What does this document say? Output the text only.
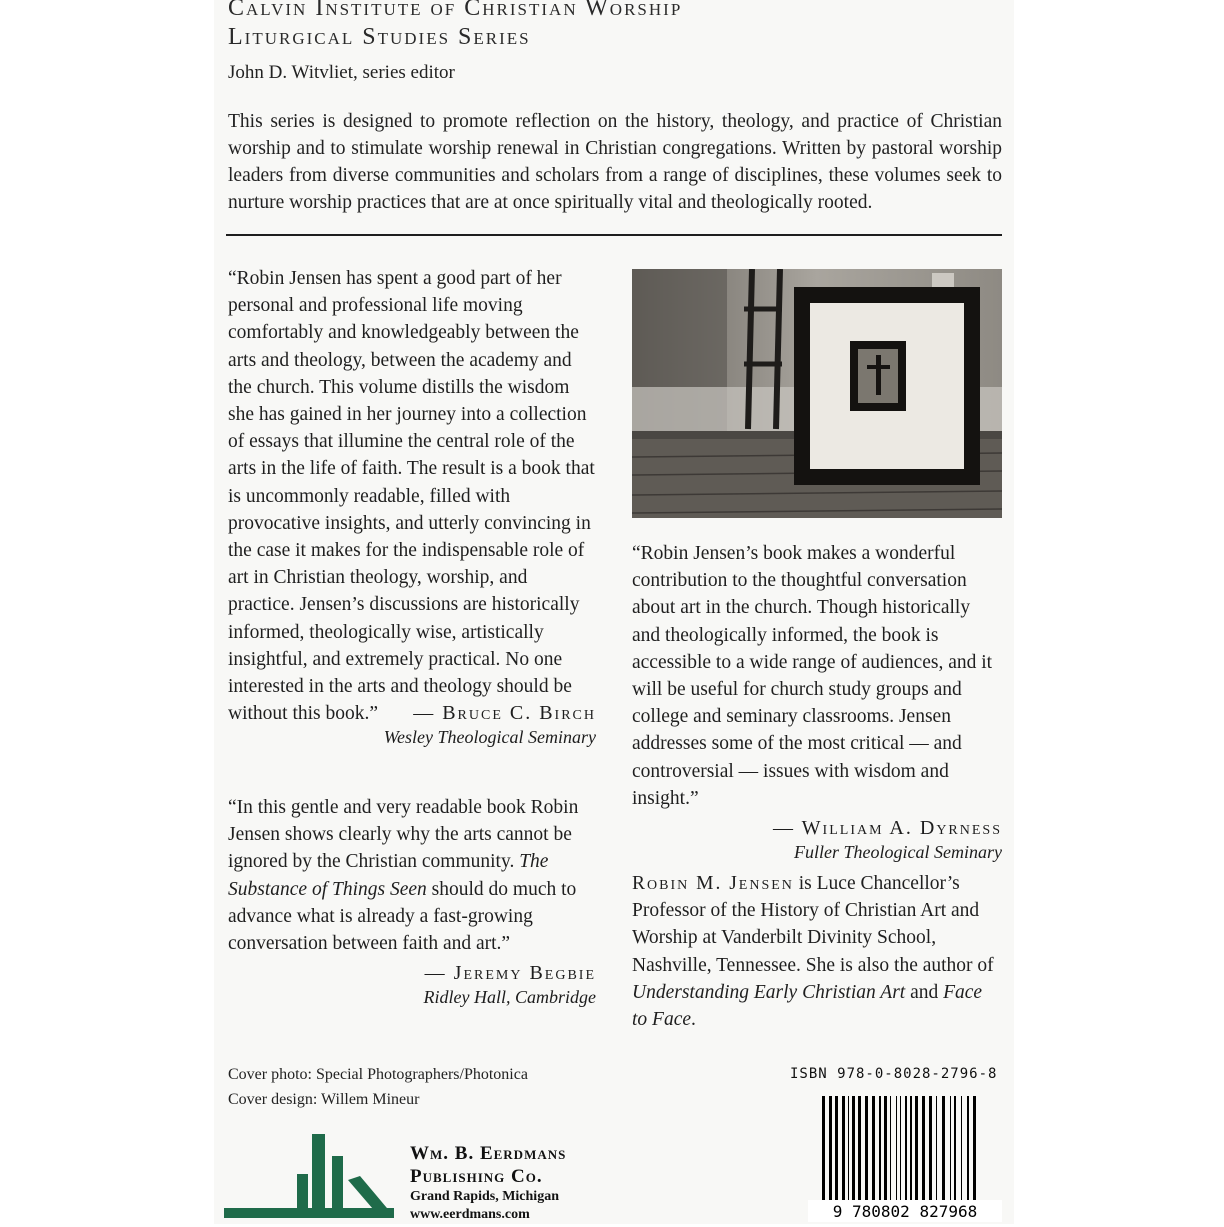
Calvin Institute of Christian Worship
Liturgical Studies Series
John D. Witvliet, series editor

This series is designed to promote reflection on the history, theology, and practice of Christian worship and to stimulate worship renewal in Christian congregations. Written by pastoral worship leaders from diverse communities and scholars from a range of disciplines, these volumes seek to nurture worship practices that are at once spiritually vital and theologically rooted.

“Robin Jensen has spent a good part of her personal and professional life moving comfortably and knowledgeably between the arts and theology, between the academy and the church. This volume distills the wisdom she has gained in her journey into a collection of essays that illumine the central role of the arts in the life of faith. The result is a book that is uncommonly readable, filled with provocative insights, and utterly convincing in the case it makes for the indispensable role of art in Christian theology, worship, and practice. Jensen’s discussions are historically informed, theologically wise, artistically insightful, and extremely practical. No one interested in the arts and theology should be without this book.”	— Bruce C. Birch
Wesley Theological Seminary

“In this gentle and very readable book Robin Jensen shows clearly why the arts cannot be ignored by the Christian community. The Substance of Things Seen should do much to advance what is already a fast-growing conversation between faith and art.”

— Jeremy Begbie
Ridley Hall, Cambridge

“Robin Jensen’s book makes a wonderful contribution to the thoughtful conversation about art in the church. Though historically and theologically informed, the book is accessible to a wide range of audiences, and it will be useful for church study groups and college and seminary classrooms. Jensen addresses some of the most critical — and controversial — issues with wisdom and insight.”

— William A. Dyrness
Fuller Theological Seminary

Robin M. Jensen is Luce Chancellor’s Professor of the History of Christian Art and Worship at Vanderbilt Divinity School, Nashville, Tennessee. She is also the author of Understanding Early Christian Art and Face to Face.

Cover photo: Special Photographers/Photonica
Cover design: Willem Mineur
Wm. B. Eerdmans
Publishing Co.
Grand Rapids, Michigan
www.eerdmans.com
ISBN 978-0-8028-2796-8
9 780802 827968
